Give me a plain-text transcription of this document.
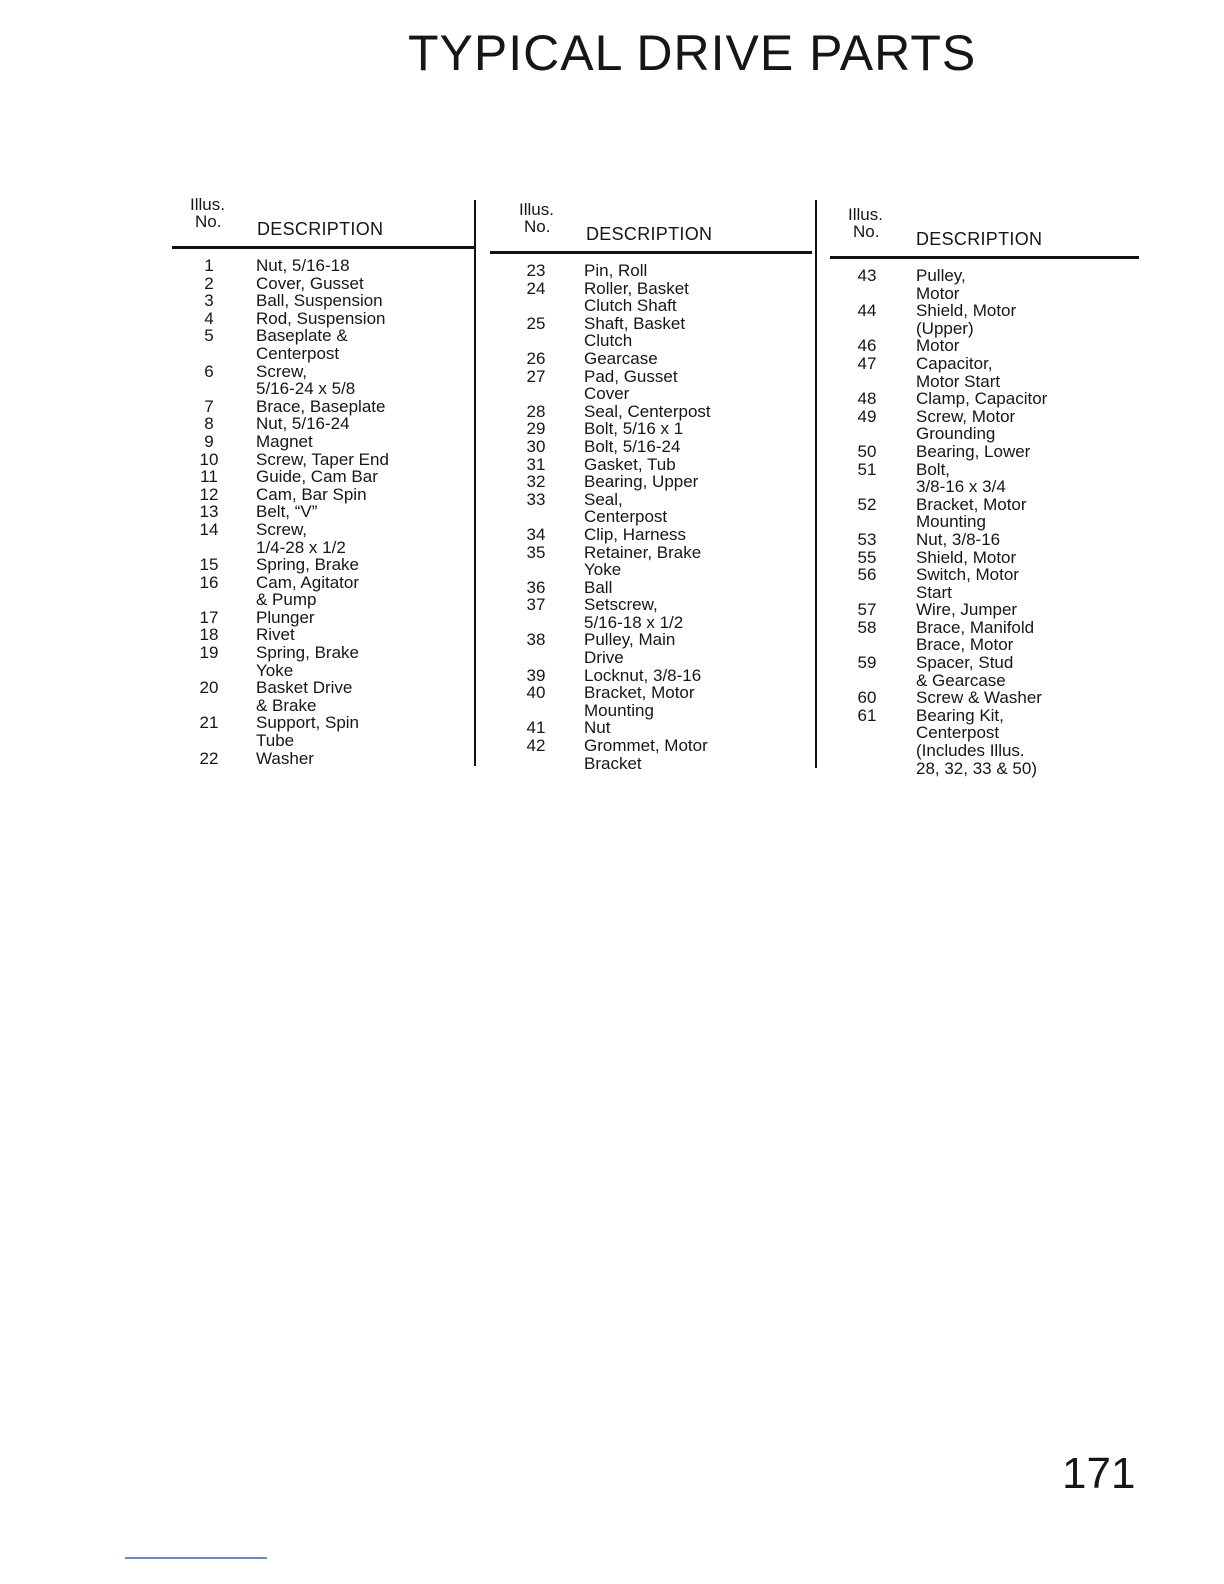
TYPICAL DRIVE PARTS
Illus.
No. DESCRIPTION
1	Nut, 5/16-18
2	Cover, Gusset
3	Ball, Suspension
4	Rod, Suspension
5	Baseplate &
Centerpost
6	Screw,
5/16-24 x 5/8
7	Brace, Baseplate
8	Nut, 5/16-24
9	Magnet
10	Screw, Taper End
11	Guide, Cam Bar
12	Cam, Bar Spin
13	Belt, “V”
14	Screw,
1/4-28 x 1/2
15	Spring, Brake
16	Cam, Agitator
& Pump
17	Plunger
18	Rivet
19	Spring, Brake
Yoke
20	Basket Drive
& Brake
21	Support, Spin
Tube
22	Washer
Illus.
No. DESCRIPTION
23	Pin, Roll
24	Roller, Basket
Clutch Shaft
25	Shaft, Basket
Clutch
26	Gearcase
27	Pad, Gusset
Cover
28	Seal, Centerpost
29	Bolt, 5/16 x 1
30	Bolt, 5/16-24
31	Gasket, Tub
32	Bearing, Upper
33	Seal,
Centerpost
34	Clip, Harness
35	Retainer, Brake
Yoke
36	Ball
37	Setscrew,
5/16-18 x 1/2
38	Pulley, Main
Drive
39	Locknut, 3/8-16
40	Bracket, Motor
Mounting
41	Nut
42	Grommet, Motor
Bracket
Illus.
No. DESCRIPTION
43	Pulley,
Motor
44	Shield, Motor
(Upper)
46	Motor
47	Capacitor,
Motor Start
48	Clamp, Capacitor
49	Screw, Motor
Grounding
50	Bearing, Lower
51	Bolt,
3/8-16 x 3/4
52	Bracket, Motor
Mounting
53	Nut, 3/8-16
55	Shield, Motor
56	Switch, Motor
Start
57	Wire, Jumper
58	Brace, Manifold
Brace, Motor
59	Spacer, Stud
& Gearcase
60	Screw & Washer
61	Bearing Kit,
Centerpost
(Includes Illus.
28, 32, 33 & 50)
171
